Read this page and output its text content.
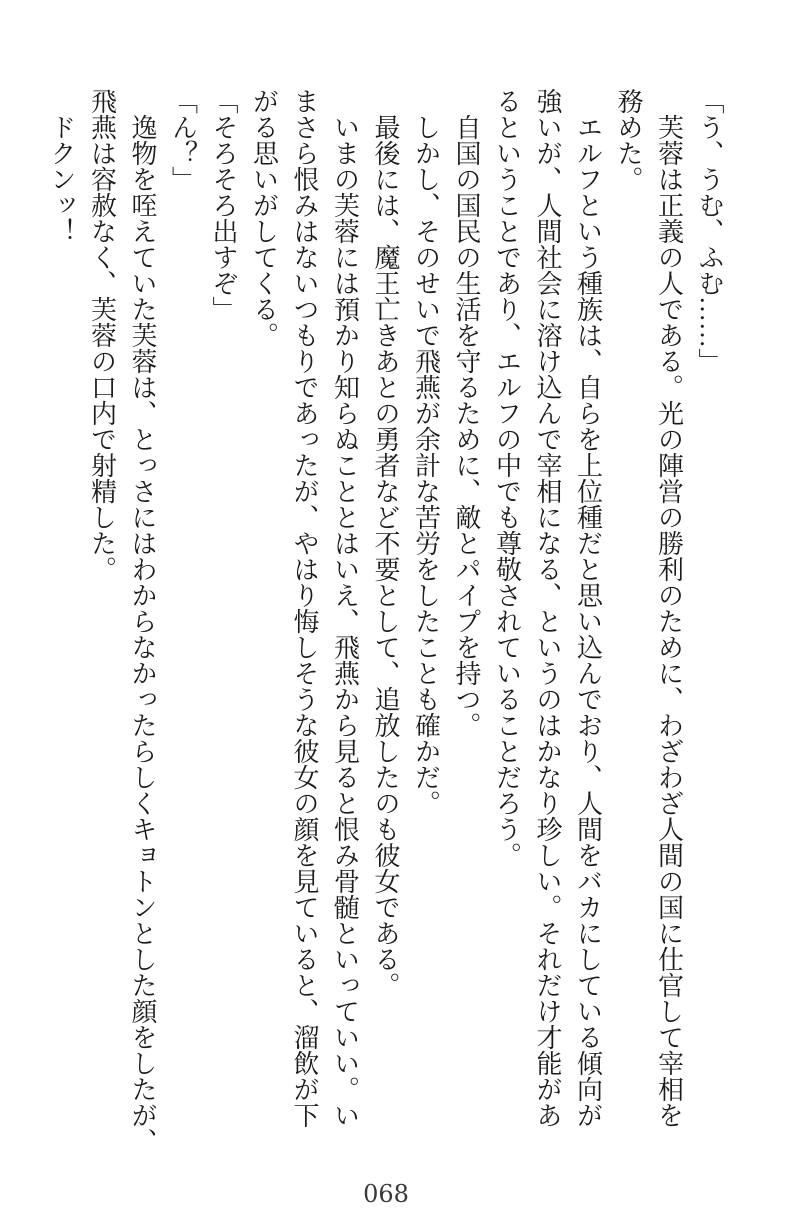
「う、うむ、ふむ……」

　芙蓉は正義の人である。光の陣営の勝利のために、わざわざ人間の国に仕官して宰相を

務めた。

　エルフという種族は、自らを上位種だと思い込んでおり、人間をバカにしている傾向が

強いが、人間社会に溶け込んで宰相になる、というのはかなり珍しい。それだけ才能があ

るということであり、エルフの中でも尊敬されていることだろう。

　自国の国民の生活を守るために、敵とパイプを持つ。

　しかし、そのせいで飛燕が余計な苦労をしたことも確かだ。

　最後には、魔王亡きあとの勇者など不要として、追放したのも彼女である。

　いまの芙蓉には預かり知らぬこととはいえ、飛燕から見ると恨み骨髄といっていい。い

まさら恨みはないつもりであったが、やはり悔しそうな彼女の顔を見ていると、溜飲が下

がる思いがしてくる。

「そろそろ出すぞ」

「ん？」

　逸物を咥えていた芙蓉は、とっさにはわからなかったらしくキョトンとした顔をしたが、

飛燕は容赦なく、芙蓉の口内で射精した。

　ドクンッ！

068
